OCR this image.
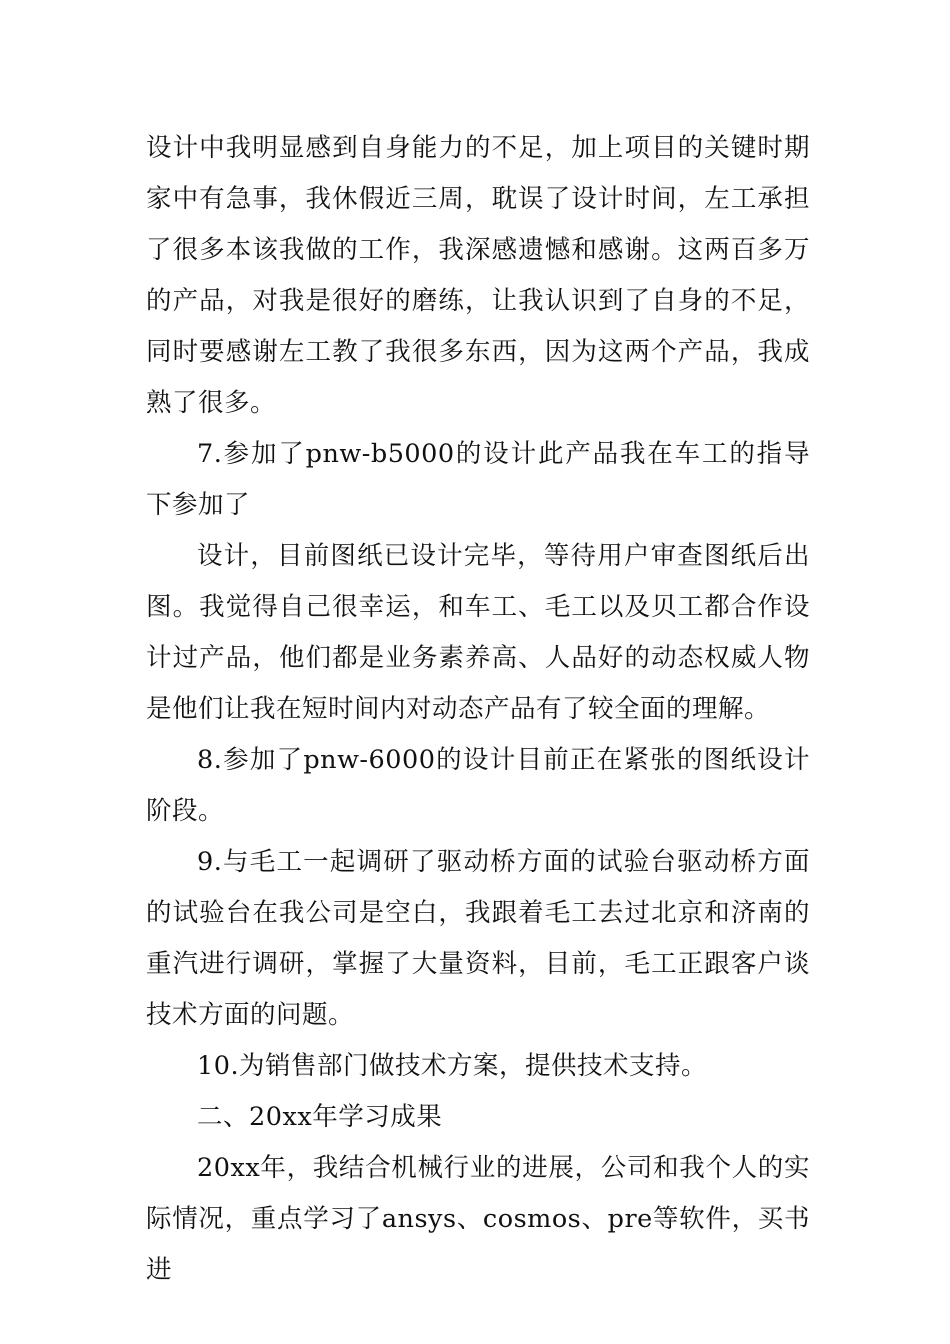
设计中我明显感到自身能力的不足，加上项目的关键时期家中有急事，我休假近三周，耽误了设计时间，左工承担了很多本该我做的工作，我深感遗憾和感谢。这两百多万的产品，对我是很好的磨练，让我认识到了自身的不足，同时要感谢左工教了我很多东西，因为这两个产品，我成熟了很多。

7.参加了pnw-b5000的设计此产品我在车工的指导下参加了

设计，目前图纸已设计完毕，等待用户审查图纸后出图。我觉得自己很幸运，和车工、毛工以及贝工都合作设计过产品，他们都是业务素养高、人品好的动态权威人物是他们让我在短时间内对动态产品有了较全面的理解。

8.参加了pnw-6000的设计目前正在紧张的图纸设计阶段。

9.与毛工一起调研了驱动桥方面的试验台驱动桥方面的试验台在我公司是空白，我跟着毛工去过北京和济南的重汽进行调研，掌握了大量资料，目前，毛工正跟客户谈技术方面的问题。

10.为销售部门做技术方案，提供技术支持。

二、20xx年学习成果

20xx年，我结合机械行业的进展，公司和我个人的实际情况，重点学习了ansys、cosmos、pre等软件，买书进
